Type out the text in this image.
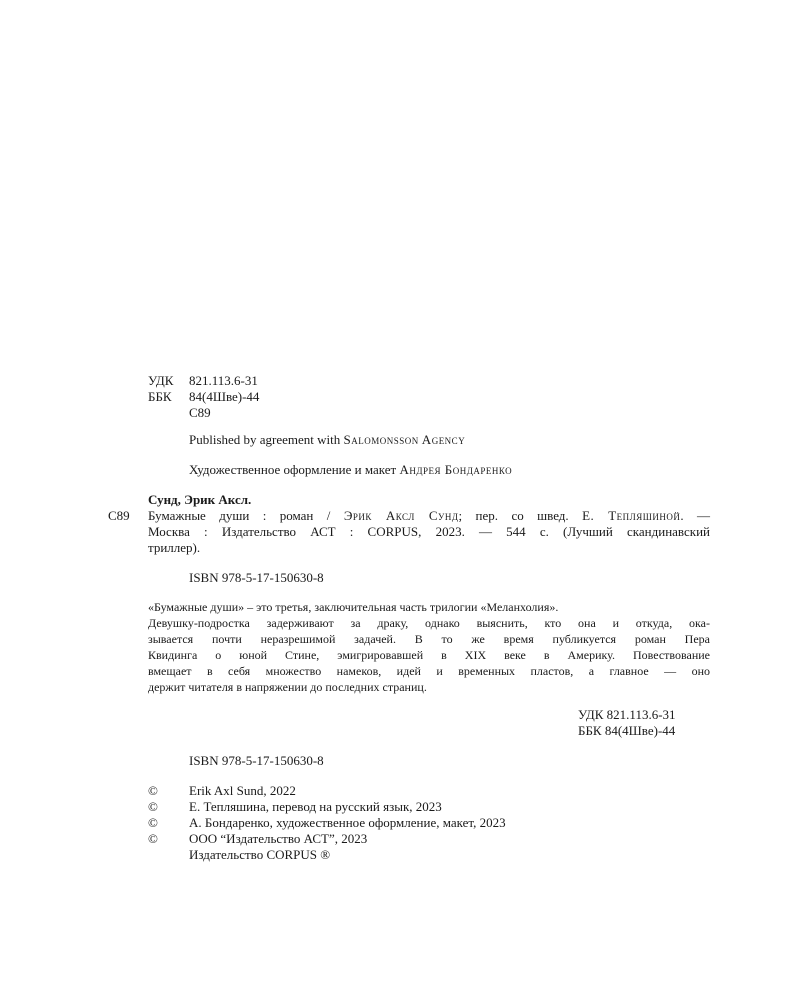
УДК 821.113.6-31
ББК 84(4Шве)-44
С89
Published by agreement with Salomonsson Agency
Художественное оформление и макет Андрея Бондаренко
Сунд, Эрик Аксл.
С89 Бумажные души : роман / Эрик Аксл Сунд; пер. со швед. Е. Тепляшиной. —
Москва : Издательство АСТ : CORPUS, 2023. — 544 с. (Лучший скандинавский
триллер).
ISBN 978-5-17-150630-8
«Бумажные души» – это третья, заключительная часть трилогии «Меланхолия».
Девушку-подростка задерживают за драку, однако выяснить, кто она и откуда, ока-
зывается почти неразрешимой задачей. В то же время публикуется роман Пера
Квидинга о юной Стине, эмигрировавшей в XIX веке в Америку. Повествование
вмещает в себя множество намеков, идей и временных пластов, а главное — оно
держит читателя в напряжении до последних страниц.
УДК 821.113.6-31
ББК 84(4Шве)-44
ISBN 978-5-17-150630-8
© Erik Axl Sund, 2022
© Е. Тепляшина, перевод на русский язык, 2023
© А. Бондаренко, художественное оформление, макет, 2023
© ООО “Издательство АСТ”, 2023
Издательство CORPUS ®
